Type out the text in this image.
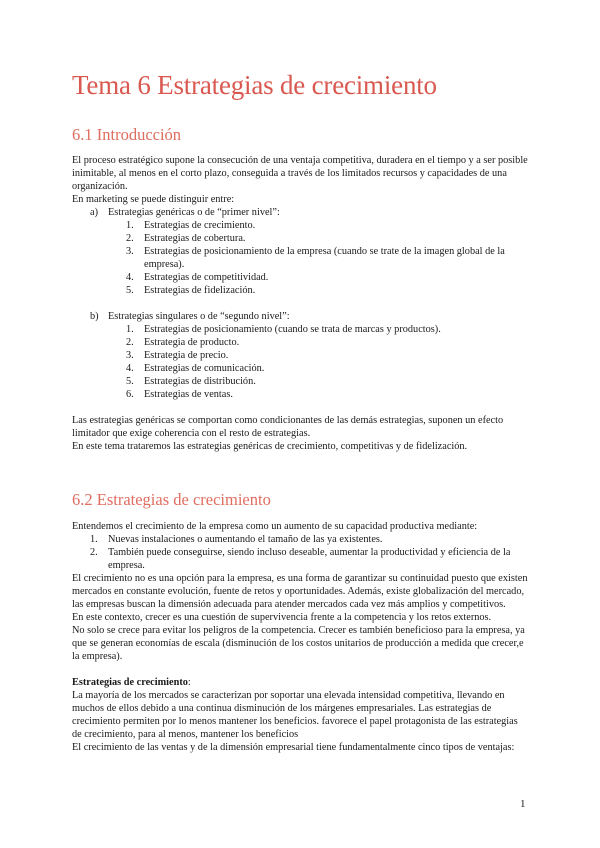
Tema 6 Estrategias de crecimiento
6.1 Introducción

El proceso estratégico supone la consecución de una ventaja competitiva, duradera en el tiempo y a ser posible inimitable, al menos en el corto plazo, conseguida a través de los limitados recursos y capacidades de una organización.

En marketing se puede distinguir entre:

a) Estrategias genéricas o de “primer nivel”:
1. Estrategias de crecimiento.
2. Estrategias de cobertura.
3. Estrategias de posicionamiento de la empresa (cuando se trate de la imagen global de la empresa).
4. Estrategias de competitividad.
5. Estrategias de fidelización.
b) Estrategias singulares o de “segundo nivel”:
1. Estrategias de posicionamiento (cuando se trata de marcas y productos).
2. Estrategia de producto.
3. Estrategia de precio.
4. Estrategias de comunicación.
5. Estrategias de distribución.
6. Estrategias de ventas.

Las estrategias genéricas se comportan como condicionantes de las demás estrategias, suponen un efecto limitador que exige coherencia con el resto de estrategias.

En este tema trataremos las estrategias genéricas de crecimiento, competitivas y de fidelización.

6.2 Estrategias de crecimiento

Entendemos el crecimiento de la empresa como un aumento de su capacidad productiva mediante:

1. Nuevas instalaciones o aumentando el tamaño de las ya existentes.
2. También puede conseguirse, siendo incluso deseable, aumentar la productividad y eficiencia de la empresa.

El crecimiento no es una opción para la empresa, es una forma de garantizar su continuidad puesto que existen mercados en constante evolución, fuente de retos y oportunidades. Además, existe globalización del mercado, las empresas buscan la dimensión adecuada para atender mercados cada vez más amplios y competitivos.

En este contexto, crecer es una cuestión de supervivencia frente a la competencia y los retos externos.

No solo se crece para evitar los peligros de la competencia. Crecer es también beneficioso para la empresa, ya que se generan economías de escala (disminución de los costos unitarios de producción a medida que crecer,e la empresa).

Estrategias de crecimiento:

La mayoría de los mercados se caracterizan por soportar una elevada intensidad competitiva, llevando en muchos de ellos debido a una continua disminución de los márgenes empresariales. Las estrategias de crecimiento permiten por lo menos mantener los beneficios. favorece el papel protagonista de las estrategias de crecimiento, para al menos, mantener los beneficios

El crecimiento de las ventas y de la dimensión empresarial tiene fundamentalmente cinco tipos de ventajas:

1
